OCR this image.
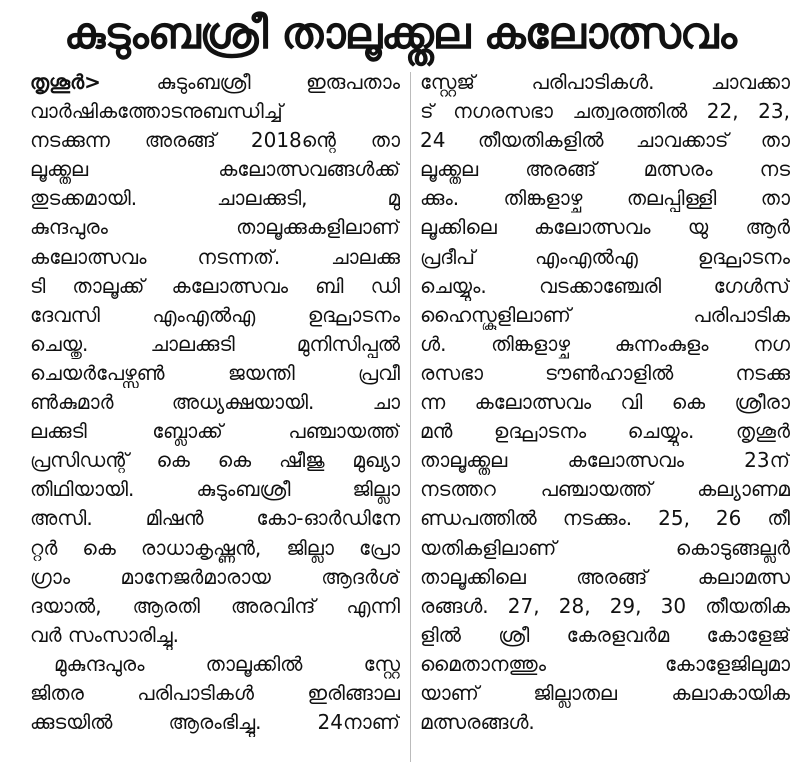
കുടുംബശ്രീ താലൂക്ക്തല കലോത്സവം
തൃശൂർ> കുടുംബശ്രീ ഇരുപതാം
വാർഷികത്തോടനുബന്ധിച്ച്
നടക്കുന്ന അരങ്ങ് 2018ന്റെ താ
ലൂക്ക്തല കലോത്സവങ്ങൾക്ക്
തുടക്കമായി. ചാലക്കുടി, മു
കുന്ദപുരം താലൂക്കുകളിലാണ്
കലോത്സവം നടന്നത്. ചാലക്കു
ടി താലൂക്ക് കലോത്സവം ബി ഡി
ദേവസി എംഎൽഎ ഉദ്ഘാടനം
ചെയ്തു. ചാലക്കുടി മുനിസിപ്പൽ
ചെയർപേഴ്സൺ ജയന്തി പ്രവീ
ൺകുമാർ അധ്യക്ഷയായി. ചാ
ലക്കുടി ബ്ലോക്ക് പഞ്ചായത്ത്
പ്രസിഡന്റ് കെ കെ ഷീജു മുഖ്യാ
തിഥിയായി. കുടുംബശ്രീ ജില്ലാ
അസി. മിഷൻ കോ-ഓർഡിനേ
റ്റർ കെ രാധാകൃഷ്ണൻ, ജില്ലാ പ്രോ
ഗ്രാം മാനേജർമാരായ ആദർശ്
ദയാൽ, ആരതി അരവിന്ദ് എന്നി
വർ സംസാരിച്ചു.
മുകുന്ദപുരം താലൂക്കിൽ സ്റ്റേ
ജിതര പരിപാടികൾ ഇരിങ്ങാല
ക്കുടയിൽ ആരംഭിച്ചു. 24നാണ്
സ്റ്റേജ് പരിപാടികൾ. ചാവക്കാ
ട് നഗരസഭാ ചത്വരത്തിൽ 22, 23,
24 തീയതികളിൽ ചാവക്കാട് താ
ലൂക്ക്തല അരങ്ങ് മത്സരം നട
ക്കും. തിങ്കളാഴ്ച തലപ്പിള്ളി താ
ലൂക്കിലെ കലോത്സവം യു ആർ
പ്രദീപ് എംഎൽഎ ഉദ്ഘാടനം
ചെയ്യും. വടക്കാഞ്ചേരി ഗേൾസ്
ഹൈസ്കൂളിലാണ് പരിപാടിക
ൾ. തിങ്കളാഴ്ച കുന്നംകുളം നഗ
രസഭാ ടൗൺഹാളിൽ നടക്കു
ന്ന കലോത്സവം വി കെ ശ്രീരാ
മൻ ഉദ്ഘാടനം ചെയ്യും. തൃശൂർ
താലൂക്ക്തല കലോത്സവം 23ന്
നടത്തറ പഞ്ചായത്ത് കല്യാണമ
ണ്ഡപത്തിൽ നടക്കും. 25, 26 തീ
യതികളിലാണ് കൊടുങ്ങല്ലൂർ
താലൂക്കിലെ അരങ്ങ് കലാമത്സ
രങ്ങൾ. 27, 28, 29, 30 തീയതിക
ളിൽ ശ്രീ കേരളവർമ കോളേജ്
മൈതാനത്തും കോളേജിലുമാ
യാണ് ജില്ലാതല കലാകായിക
മത്സരങ്ങൾ.
